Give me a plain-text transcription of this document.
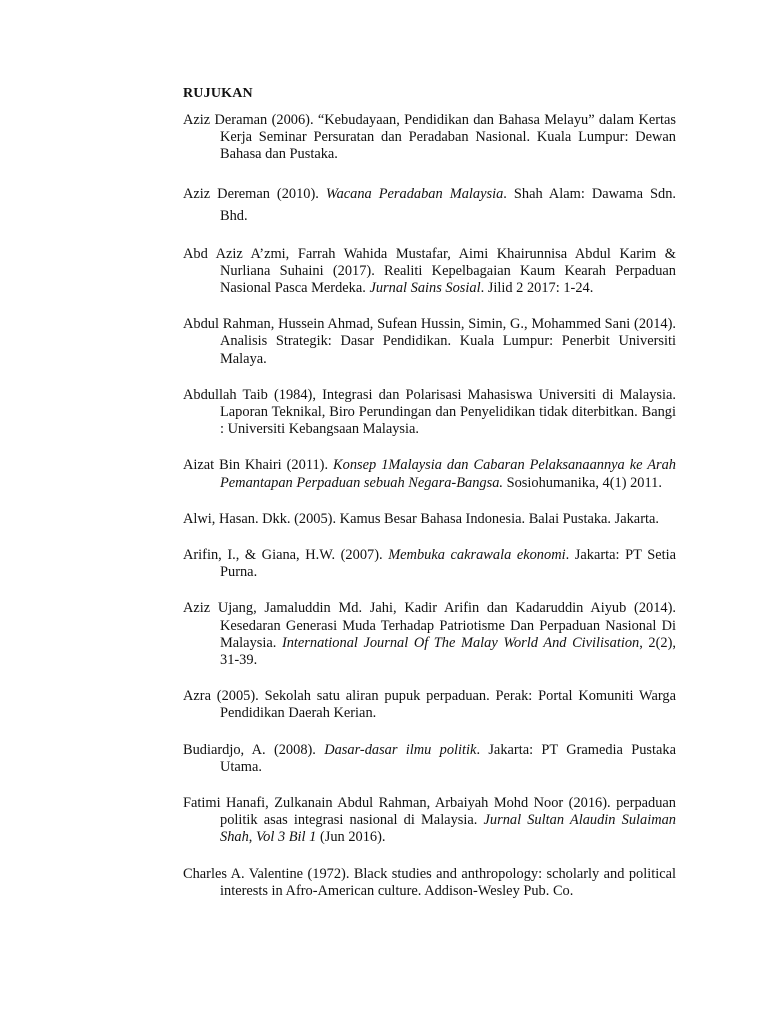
RUJUKAN

Aziz Deraman (2006). “Kebudayaan, Pendidikan dan Bahasa Melayu” dalam Kertas Kerja Seminar Persuratan dan Peradaban Nasional. Kuala Lumpur: Dewan Bahasa dan Pustaka.

Aziz Dereman (2010). Wacana Peradaban Malaysia. Shah Alam: Dawama Sdn. Bhd.

Abd Aziz A’zmi, Farrah Wahida Mustafar, Aimi Khairunnisa Abdul Karim & Nurliana Suhaini (2017). Realiti Kepelbagaian Kaum Kearah Perpaduan Nasional Pasca Merdeka. Jurnal Sains Sosial. Jilid 2 2017: 1-24.

Abdul Rahman, Hussein Ahmad, Sufean Hussin, Simin, G., Mohammed Sani (2014). Analisis Strategik: Dasar Pendidikan. Kuala Lumpur: Penerbit Universiti Malaya.

Abdullah Taib (1984), Integrasi dan Polarisasi Mahasiswa Universiti di Malaysia. Laporan Teknikal, Biro Perundingan dan Penyelidikan tidak diterbitkan. Bangi : Universiti Kebangsaan Malaysia.

Aizat Bin Khairi (2011). Konsep 1Malaysia dan Cabaran Pelaksanaannya ke Arah Pemantapan Perpaduan sebuah Negara-Bangsa. Sosiohumanika, 4(1) 2011.

Alwi, Hasan. Dkk. (2005). Kamus Besar Bahasa Indonesia. Balai Pustaka. Jakarta.

Arifin, I., & Giana, H.W. (2007). Membuka cakrawala ekonomi. Jakarta: PT Setia Purna.

Aziz Ujang, Jamaluddin Md. Jahi, Kadir Arifin dan Kadaruddin Aiyub (2014). Kesedaran Generasi Muda Terhadap Patriotisme Dan Perpaduan Nasional Di Malaysia. International Journal Of The Malay World And Civilisation, 2(2), 31-39.

Azra (2005). Sekolah satu aliran pupuk perpaduan. Perak: Portal Komuniti Warga Pendidikan Daerah Kerian.

Budiardjo, A. (2008). Dasar-dasar ilmu politik. Jakarta: PT Gramedia Pustaka Utama.

Fatimi Hanafi, Zulkanain Abdul Rahman, Arbaiyah Mohd Noor (2016). perpaduan politik asas integrasi nasional di Malaysia. Jurnal Sultan Alaudin Sulaiman Shah, Vol 3 Bil 1 (Jun 2016).

Charles A. Valentine (1972). Black studies and anthropology: scholarly and political interests in Afro-American culture. Addison-Wesley Pub. Co.
